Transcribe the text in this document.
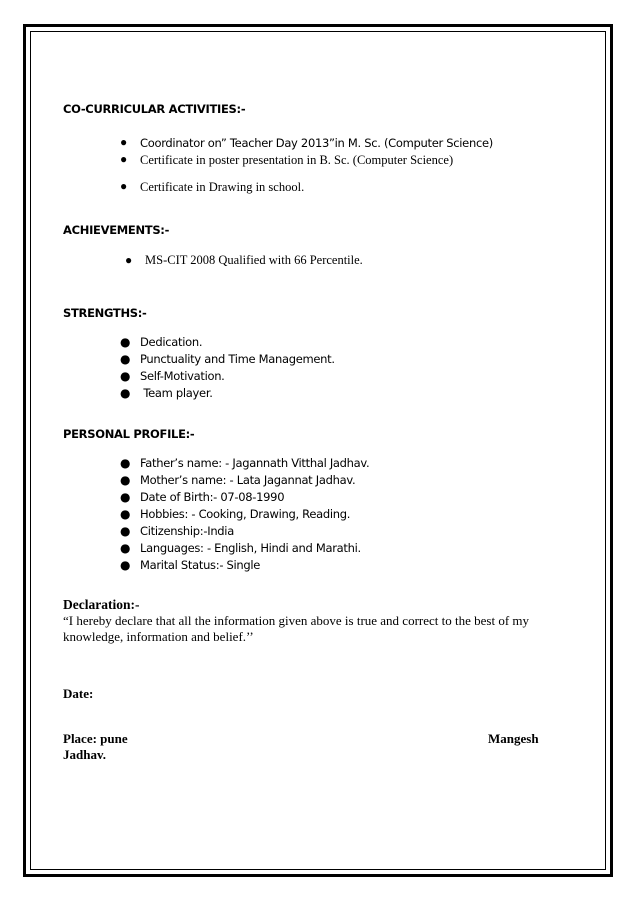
CO-CURRICULAR ACTIVITIES:-
● Coordinator on” Teacher Day 2013”in M. Sc. (Computer Science)
● Certificate in poster presentation in B. Sc. (Computer Science)
● Certificate in Drawing in school.
ACHIEVEMENTS:-
● MS-CIT 2008 Qualified with 66 Percentile.
STRENGTHS:-
● Dedication.
● Punctuality and Time Management.
● Self-Motivation.
● Team player.
PERSONAL PROFILE:-
● Father’s name: - Jagannath Vitthal Jadhav.
● Mother’s name: - Lata Jagannat Jadhav.
● Date of Birth:- 07-08-1990
● Hobbies: - Cooking, Drawing, Reading.
● Citizenship:-India
● Languages: - English, Hindi and Marathi.
● Marital Status:- Single
Declaration:-
“I hereby declare that all the information given above is true and correct to the best of my knowledge, information and belief.’’
Date:
Place: pune	Mangesh
Jadhav.
